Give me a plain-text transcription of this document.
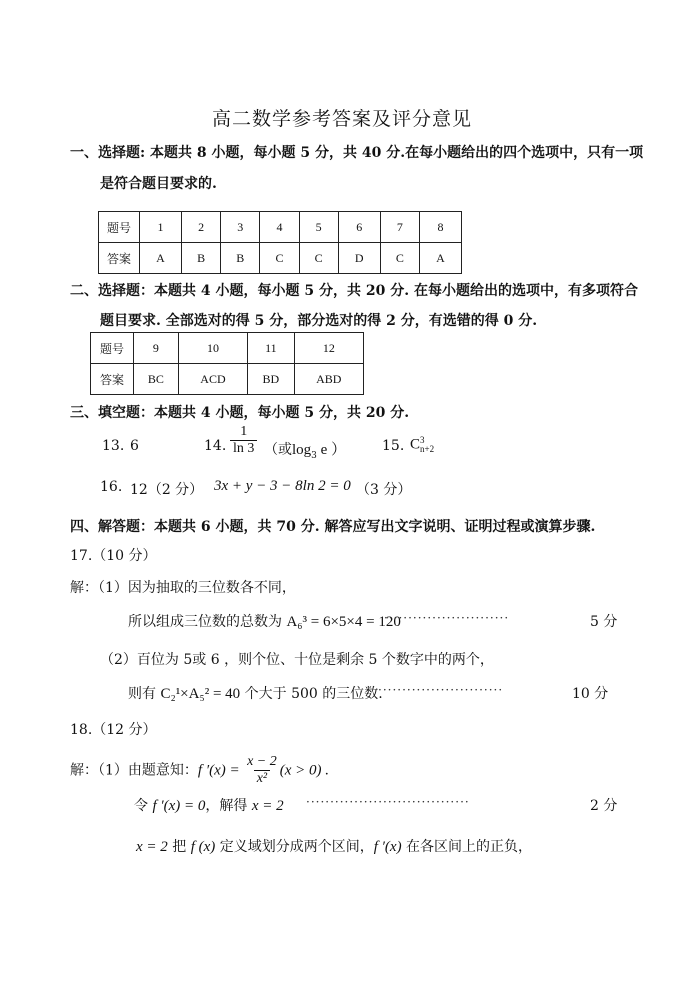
高二数学参考答案及评分意见
一、选择题: 本题共 8 小题，每小题 5 分，共 40 分.在每小题给出的四个选项中，只有一项
是符合题目要求的.
题号	1	2	3	4	5	6	7	8
答案	A	B	B	C	C	D	C	A
二、选择题：本题共 4 小题，每小题 5 分，共 20 分. 在每小题给出的选项中，有多项符合
题目要求. 全部选对的得 5 分，部分选对的得 2 分，有选错的得 0 分.
题号	9	10	11	12
答案	BC	ACD	BD	ABD
三、填空题：本题共 4 小题，每小题 5 分，共 20 分.
13. 6	14. $\frac{1}{\ln 3}$ （或$\log_3 e$ ）	15. C 3
n+2
16. 12（2 分） 3x + y − 3 − 8ln 2 = 0 （3 分）
四、解答题：本题共 6 小题，共 70 分. 解答应写出文字说明、证明过程或演算步骤.
17.（10 分）
解：（1）因为抽取的三位数各不同，
所以组成三位数的总数为 A₆³ = 6×5×4 = 120
··························	5 分
（2）百位为 5或 6 ，则个位、十位是剩余 5 个数字中的两个，
则有 C₂¹×A₅² = 40 个大于 500 的三位数.
··························	10 分
18.（12 分）
解：（1）由题意知：f $'(x) = \frac{x - 2}{\text{x²}} (x > 0)$ .
令 f ′(x) = 0，解得 x = 2 ··································	2 分
x = 2 把 f (x) 定义域划分成两个区间，f ′(x) 在各区间上的正负，
